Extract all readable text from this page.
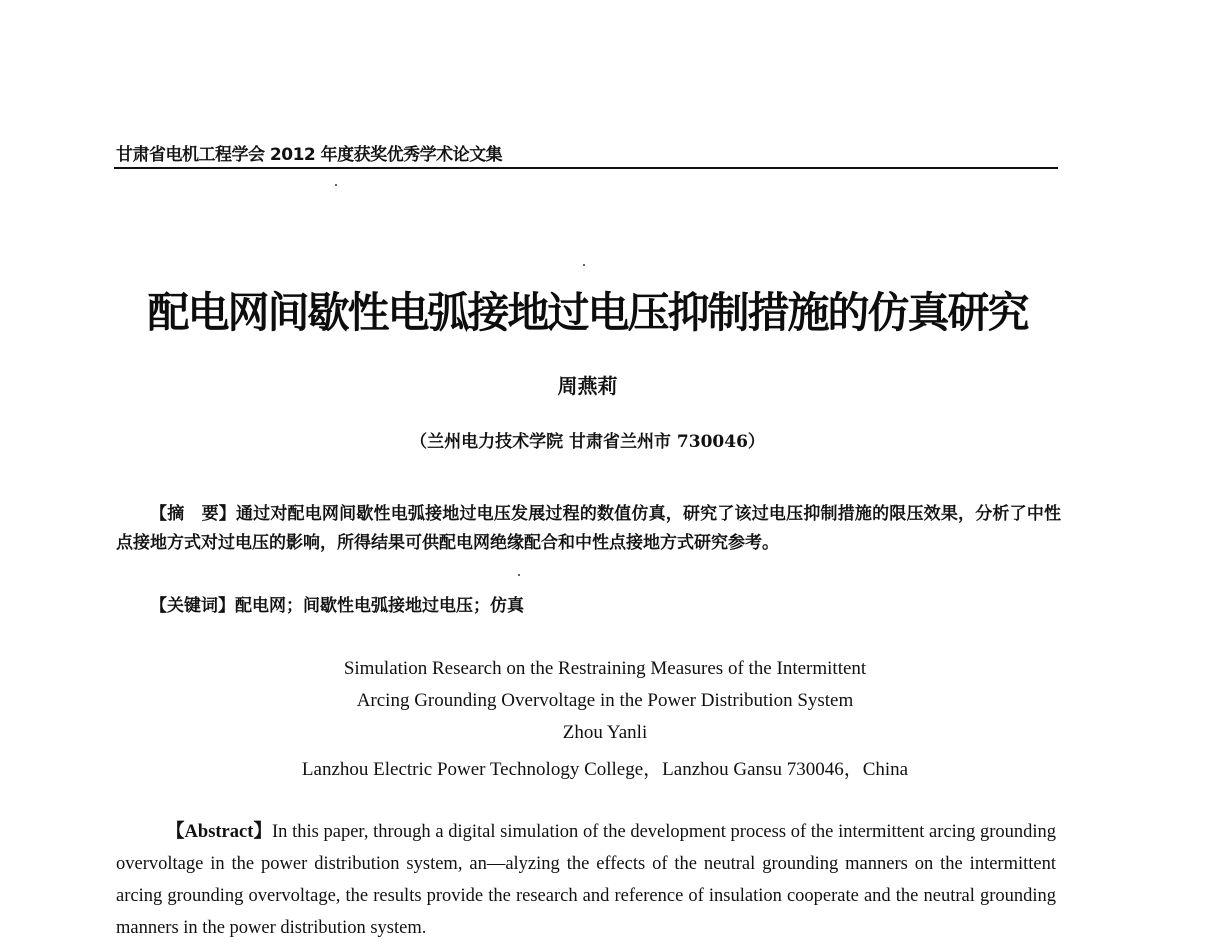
甘肃省电机工程学会 2012 年度获奖优秀学术论文集
配电网间歇性电弧接地过电压抑制措施的仿真研究
周燕莉
（兰州电力技术学院 甘肃省兰州市 730046）
【摘　要】通过对配电网间歇性电弧接地过电压发展过程的数值仿真，研究了该过电压抑制措施的限压效果，分析了中性点接地方式对过电压的影响，所得结果可供配电网绝缘配合和中性点接地方式研究参考。
【关键词】配电网；间歇性电弧接地过电压；仿真
Simulation Research on the Restraining Measures of the Intermittent
Arcing Grounding Overvoltage in the Power Distribution System
Zhou Yanli
Lanzhou Electric Power Technology College，Lanzhou Gansu 730046，China
【Abstract】In this paper, through a digital simulation of the development process of the intermittent arcing grounding overvoltage in the power distribution system, an—alyzing the effects of the neutral grounding manners on the intermittent arcing grounding overvoltage, the results provide the research and reference of insulation cooperate and the neutral grounding manners in the power distribution system.
